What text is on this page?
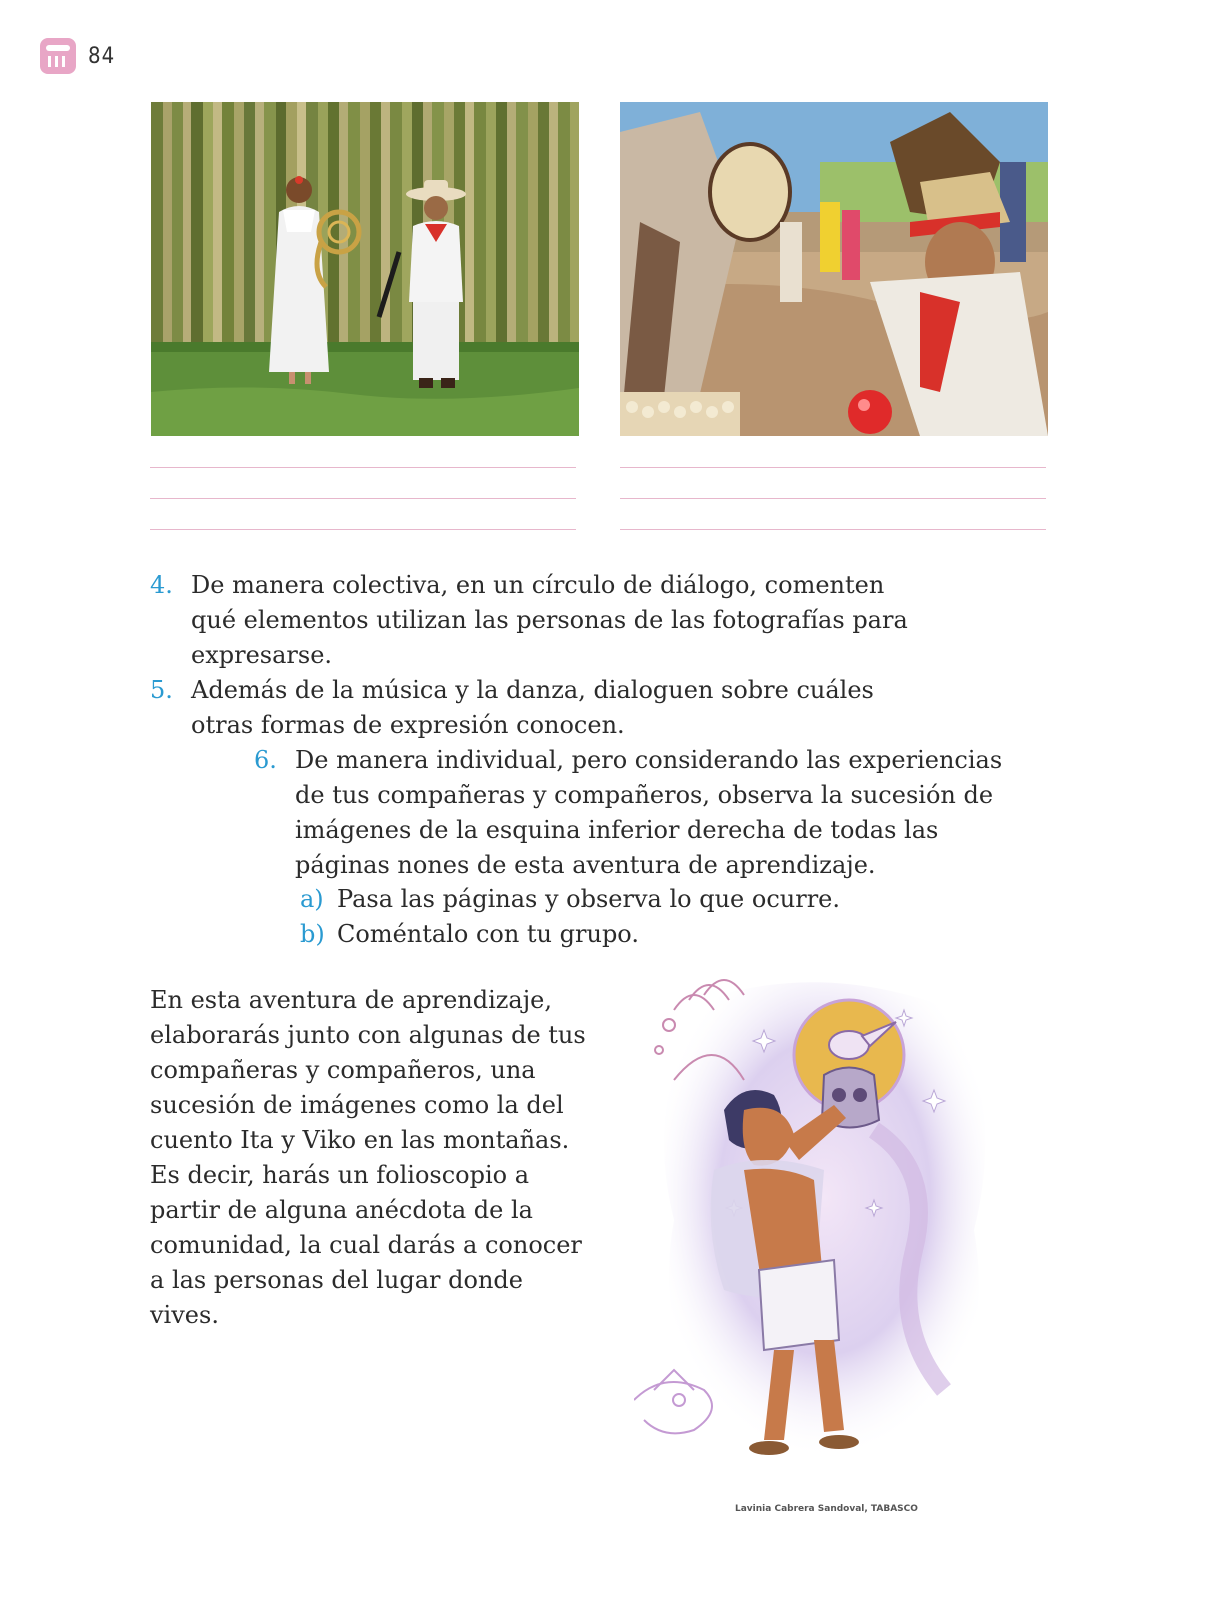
84
4. De manera colectiva, en un círculo de diálogo, comenten qué elementos utilizan las personas de las fotografías para expresarse.
5. Además de la música y la danza, dialoguen sobre cuáles otras formas de expresión conocen.
6. De manera individual, pero considerando las experiencias de tus compañeras y compañeros, observa la sucesión de imágenes de la esquina inferior derecha de todas las páginas nones de esta aventura de aprendizaje.
a) Pasa las páginas y observa lo que ocurre.
b) Coméntalo con tu grupo.
En esta aventura de aprendizaje, elaborarás junto con algunas de tus compañeras y compañeros, una sucesión de imágenes como la del cuento Ita y Viko en las montañas. Es decir, harás un folioscopio a partir de alguna anécdota de la comunidad, la cual darás a conocer a las personas del lugar donde vives.
Lavinia Cabrera Sandoval, TABASCO
